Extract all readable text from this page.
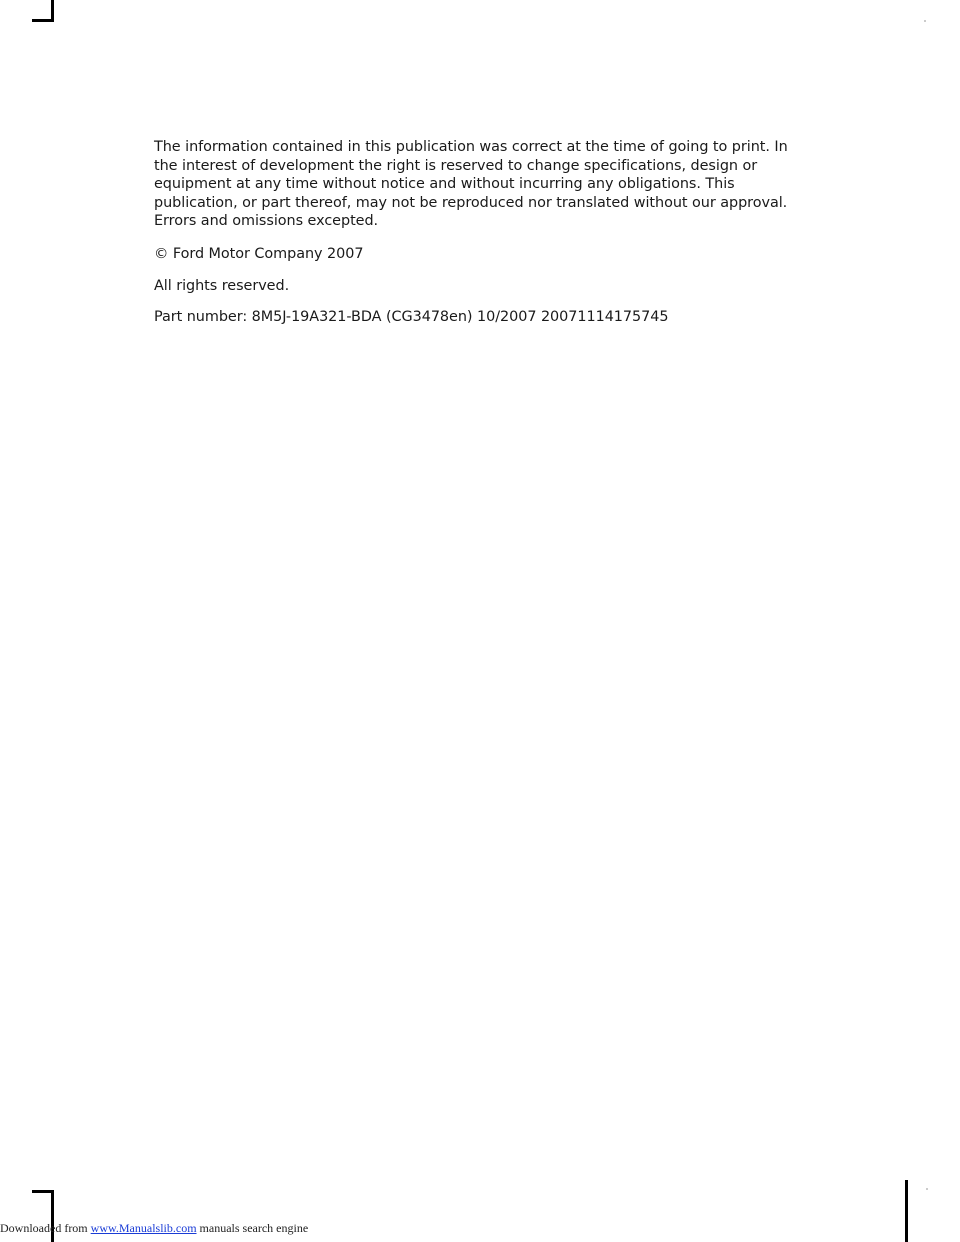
The information contained in this publication was correct at the time of going to print. In the interest of development the right is reserved to change specifications, design or equipment at any time without notice and without incurring any obligations. This publication, or part thereof, may not be reproduced nor translated without our approval. Errors and omissions excepted.

© Ford Motor Company 2007

All rights reserved.

Part number: 8M5J-19A321-BDA (CG3478en) 10/2007 20071114175745

Downloaded from www.Manualslib.com manuals search engine
